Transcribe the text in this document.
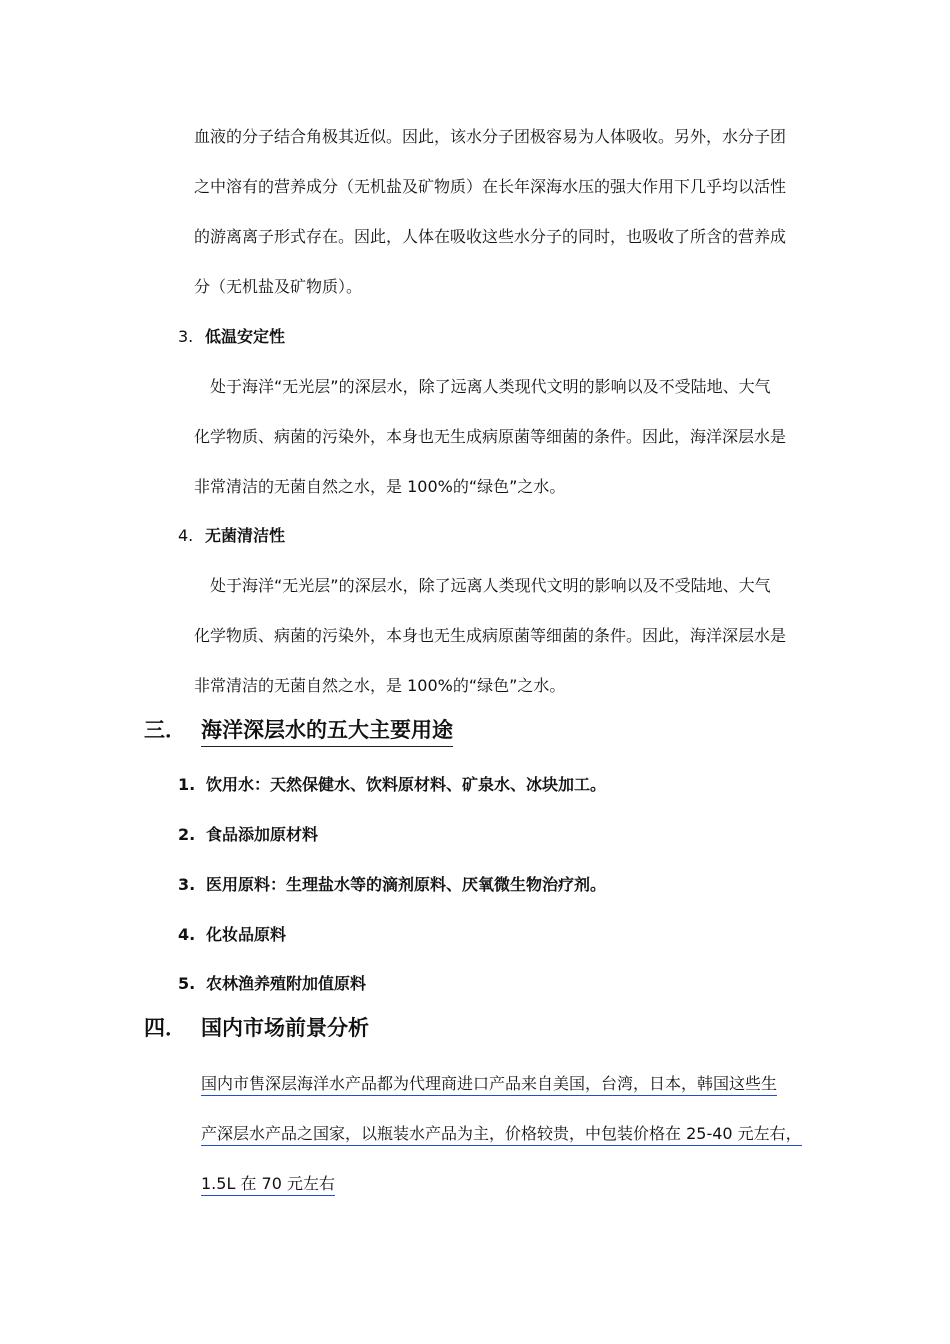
血液的分子结合角极其近似。因此，该水分子团极容易为人体吸收。另外，水分子团
之中溶有的营养成分（无机盐及矿物质）在长年深海水压的强大作用下几乎均以活性
的游离离子形式存在。因此，人体在吸收这些水分子的同时，也吸收了所含的营养成
分（无机盐及矿物质）。
3. 低温安定性
处于海洋“无光层”的深层水，除了远离人类现代文明的影响以及不受陆地、大气
化学物质、病菌的污染外，本身也无生成病原菌等细菌的条件。因此，海洋深层水是
非常清洁的无菌自然之水，是 100%的“绿色”之水。
4. 无菌清洁性
处于海洋“无光层”的深层水，除了远离人类现代文明的影响以及不受陆地、大气
化学物质、病菌的污染外，本身也无生成病原菌等细菌的条件。因此，海洋深层水是
非常清洁的无菌自然之水，是 100%的“绿色”之水。
三． 海洋深层水的五大主要用途
1. 饮用水：天然保健水、饮料原材料、矿泉水、冰块加工。
2. 食品添加原材料
3. 医用原料：生理盐水等的滴剂原料、厌氧微生物治疗剂。
4. 化妆品原料
5. 农林渔养殖附加值原料
四． 国内市场前景分析
国内市售深层海洋水产品都为代理商进口产品来自美国，台湾，日本，韩国这些生
产深层水产品之国家，以瓶装水产品为主，价格较贵，中包装价格在 25-40 元左右，
1.5L 在 70 元左右
